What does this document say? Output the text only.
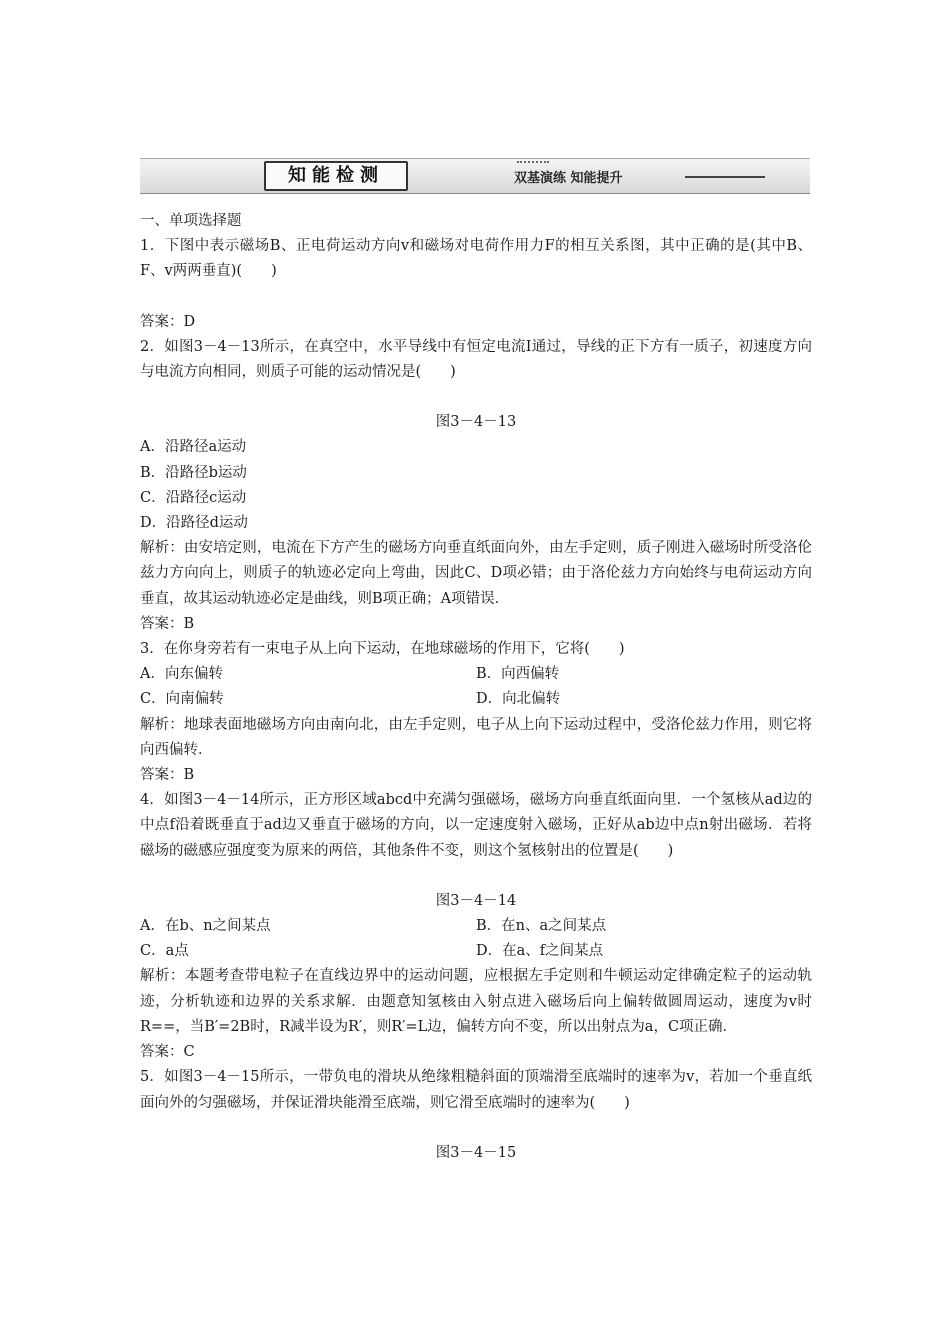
知能检测	双基演练 知能提升

一、单项选择题

1．下图中表示磁场B、正电荷运动方向v和磁场对电荷作用力F的相互关系图，其中正确的是(其中B、F、v两两垂直)(　　)

答案：D

2．如图3－4－13所示，在真空中，水平导线中有恒定电流I通过，导线的正下方有一质子，初速度方向与电流方向相同，则质子可能的运动情况是(　　)

图3－4－13

A．沿路径a运动

B．沿路径b运动

C．沿路径c运动

D．沿路径d运动

解析：由安培定则，电流在下方产生的磁场方向垂直纸面向外，由左手定则，质子刚进入磁场时所受洛伦兹力方向向上，则质子的轨迹必定向上弯曲，因此C、D项必错；由于洛伦兹力方向始终与电荷运动方向垂直，故其运动轨迹必定是曲线，则B项正确；A项错误．

答案：B

3．在你身旁若有一束电子从上向下运动，在地球磁场的作用下，它将(　　)

A．向东偏转	B．向西偏转
C．向南偏转	D．向北偏转

解析：地球表面地磁场方向由南向北，由左手定则，电子从上向下运动过程中，受洛伦兹力作用，则它将向西偏转．

答案：B

4．如图3－4－14所示，正方形区域abcd中充满匀强磁场，磁场方向垂直纸面向里．一个氢核从ad边的中点f沿着既垂直于ad边又垂直于磁场的方向，以一定速度射入磁场，正好从ab边中点n射出磁场．若将磁场的磁感应强度变为原来的两倍，其他条件不变，则这个氢核射出的位置是(　　)

图3－4－14

A．在b、n之间某点	B．在n、a之间某点
C．a点	D．在a、f之间某点

解析：本题考查带电粒子在直线边界中的运动问题，应根据左手定则和牛顿运动定律确定粒子的运动轨迹，分析轨迹和边界的关系求解．由题意知氢核由入射点进入磁场后向上偏转做圆周运动，速度为v时R==，当B′=2B时，R减半设为R′，则R′=L边，偏转方向不变，所以出射点为a，C项正确．

答案：C

5．如图3－4－15所示，一带负电的滑块从绝缘粗糙斜面的顶端滑至底端时的速率为v，若加一个垂直纸面向外的匀强磁场，并保证滑块能滑至底端，则它滑至底端时的速率为(　　)

图3－4－15
